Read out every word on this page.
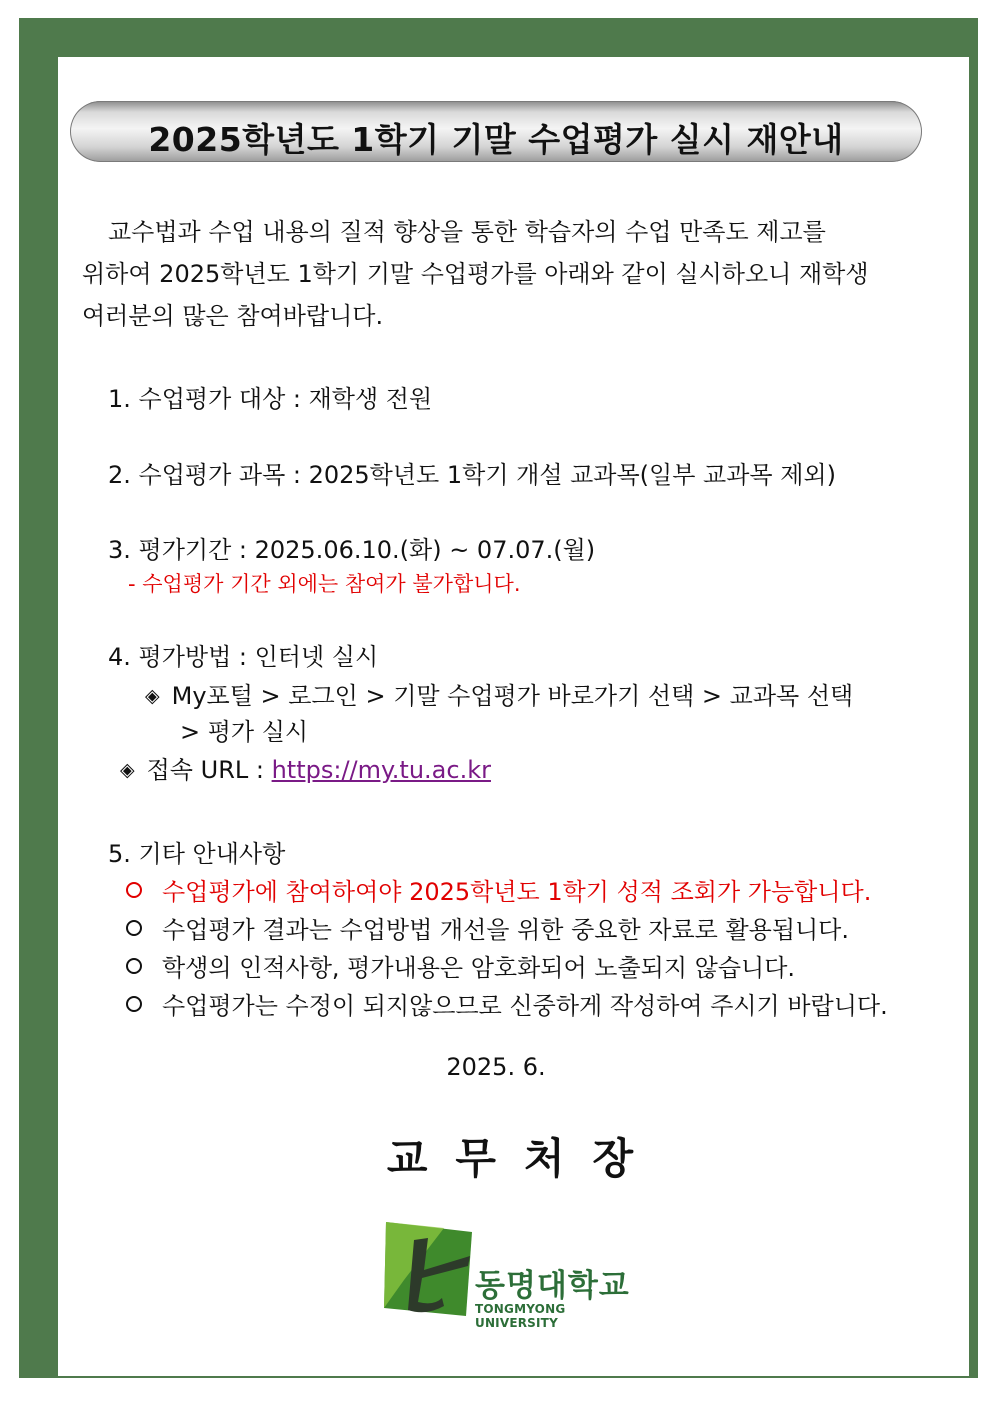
2025학년도 1학기 기말 수업평가 실시 재안내
교수법과 수업 내용의 질적 향상을 통한 학습자의 수업 만족도 제고를
위하여 2025학년도 1학기 기말 수업평가를 아래와 같이 실시하오니 재학생
여러분의 많은 참여바랍니다.
1. 수업평가 대상 : 재학생 전원
2. 수업평가 과목 : 2025학년도 1학기 개설 교과목(일부 교과목 제외)
3. 평가기간 : 2025.06.10.(화) ~ 07.07.(월)
- 수업평가 기간 외에는 참여가 불가합니다.
4. 평가방법 : 인터넷 실시
◈ My포털 > 로그인 > 기말 수업평가 바로가기 선택 > 교과목 선택
> 평가 실시
◈ 접속 URL : https://my.tu.ac.kr
5. 기타 안내사항
수업평가에 참여하여야 2025학년도 1학기 성적 조회가 가능합니다.
수업평가 결과는 수업방법 개선을 위한 중요한 자료로 활용됩니다.
학생의 인적사항, 평가내용은 암호화되어 노출되지 않습니다.
수업평가는 수정이 되지않으므로 신중하게 작성하여 주시기 바랍니다.
2025. 6.
교무처장
동명대학교
TONGMYONG UNIVERSITY
